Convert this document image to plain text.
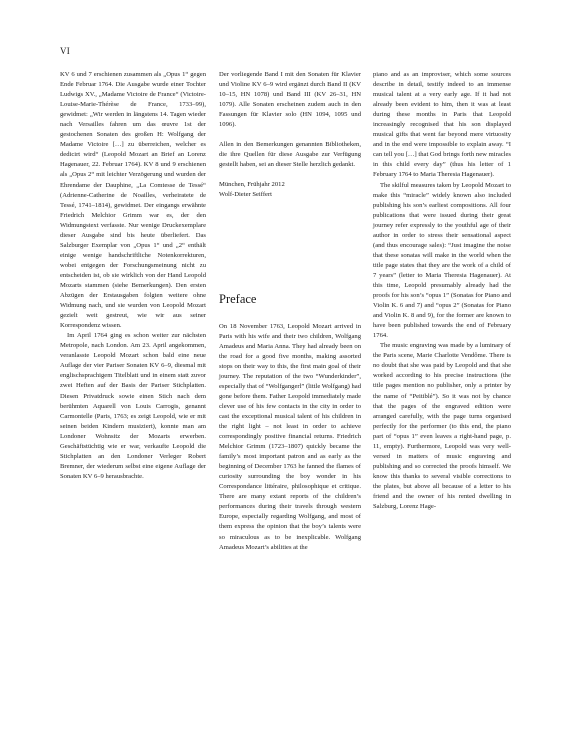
VI

KV 6 und 7 erschienen zusammen als „Opus 1“ gegen Ende Februar 1764. Die Ausgabe wurde einer Tochter Ludwigs XV., „Madame Victoire de France“ (Victoire-Louise-Marie-Thérèse de France, 1733–99), gewidmet: „Wir werden in längstens 14. Tagen wieder nach Versailles fahren um das œuvre 1st der gestochenen Sonaten des großen H: Wolfgang der Madame Victoire […] zu überreichen, welcher es dedicirt wird“ (Leopold Mozart an Brief an Lorenz Hagenauer, 22. Februar 1764). KV 8 und 9 erschienen als „Opus 2“ mit leichter Verzögerung und wurden der Ehrendame der Dauphine, „La Comtesse de Tessé“ (Adrienne-Catherine de Noailles, verheiratete de Tessé, 1741–1814), gewidmet. Der eingangs erwähnte Friedrich Melchior Grimm war es, der den Widmungstext verfasste. Nur wenige Druckexemplare dieser Ausgabe sind bis heute überliefert. Das Salzburger Exemplar von „Opus 1“ und „2“ enthält einige wenige handschriftliche Notenkorrekturen, wobei entgegen der Forschungsmeinung nicht zu entscheiden ist, ob sie wirklich von der Hand Leopold Mozarts stammen (siehe Bemerkungen). Den ersten Abzügen der Erstausgaben folgten weitere ohne Widmung nach, und sie wurden von Leopold Mozart gezielt weit gestreut, wie wir aus seiner Korrespondenz wissen.

Im April 1764 ging es schon weiter zur nächsten Metropole, nach London. Am 23. April angekommen, veranlasste Leopold Mozart schon bald eine neue Auflage der vier Pariser Sonaten KV 6–9, diesmal mit englischsprachigem Titelblatt und in einem statt zuvor zwei Heften auf der Basis der Pariser Stichplatten. Diesen Privatdruck sowie einen Stich nach dem berühmten Aquarell von Louis Carrogis, genannt Carmontelle (Paris, 1763; es zeigt Leopold, wie er mit seinen beiden Kindern musiziert), konnte man am Londoner Wohnsitz der Mozarts erwerben. Geschäftstüchtig wie er war, verkaufte Leopold die Stichplatten an den Londoner Verleger Robert Bremner, der wiederum selbst eine eigene Auflage der Sonaten KV 6–9 herausbrachte.

Der vorliegende Band I mit den Sonaten für Klavier und Violine KV 6–9 wird ergänzt durch Band II (KV 10–15, HN 1078) und Band III (KV 26–31, HN 1079). Alle Sonaten erscheinen zudem auch in den Fassungen für Klavier solo (HN 1094, 1095 und 1096).

Allen in den Bemerkungen genannten Bibliotheken, die ihre Quellen für diese Ausgabe zur Verfügung gestellt haben, sei an dieser Stelle herzlich gedankt.

München, Frühjahr 2012

Wolf-Dieter Seiffert

Preface

On 18 November 1763, Leopold Mozart arrived in Paris with his wife and their two children, Wolfgang Amadeus and Maria Anna. They had already been on the road for a good five months, making assorted stops on their way to this, the first main goal of their journey. The reputation of the two “Wunderkinder”, especially that of “Wolfgangerl” (little Wolfgang) had gone before them. Father Leopold immediately made clever use of his few contacts in the city in order to cast the exceptional musical talent of his children in the right light – not least in order to achieve correspondingly positive financial returns. Friedrich Melchior Grimm (1723–1807) quickly became the family’s most important patron and as early as the beginning of December 1763 he fanned the flames of curiosity surrounding the boy wonder in his Correspondance littéraire, philosophique et critique. There are many extant reports of the children’s performances during their travels through western Europe, especially regarding Wolfgang, and most of them express the opinion that the boy’s talents were so miraculous as to be inexplicable. Wolfgang Amadeus Mozart’s abilities at the

piano and as an improviser, which some sources describe in detail, testify indeed to an immense musical talent at a very early age. If it had not already been evident to him, then it was at least during these months in Paris that Leopold increasingly recognised that his son displayed musical gifts that went far beyond mere virtuosity and in the end were impossible to explain away. “I can tell you […] that God brings forth new miracles in this child every day” (thus his letter of 1 February 1764 to Maria Theresia Hagenauer).

The skilful measures taken by Leopold Mozart to make this “miracle” widely known also included publishing his son’s earliest compositions. All four publications that were issued during their great journey refer expressly to the youthful age of their author in order to stress their sensational aspect (and thus encourage sales): “Just imagine the noise that these sonatas will make in the world when the title page states that they are the work of a child of 7 years” (letter to Maria Theresia Hagenauer). At this time, Leopold presumably already had the proofs for his son’s “opus 1” (Sonatas for Piano and Violin K. 6 and 7) and “opus 2” (Sonatas for Piano and Violin K. 8 and 9), for the former are known to have been published towards the end of February 1764.

The music engraving was made by a luminary of the Paris scene, Marie Charlotte Vendôme. There is no doubt that she was paid by Leopold and that she worked according to his precise instructions (the title pages mention no publisher, only a printer by the name of “Peitiblé”). So it was not by chance that the pages of the engraved edition were arranged carefully, with the page turns organised perfectly for the performer (to this end, the piano part of “opus 1” even leaves a right-hand page, p. 11, empty). Furthermore, Leopold was very well-versed in matters of music engraving and publishing and so corrected the proofs himself. We know this thanks to several visible corrections to the plates, but above all because of a letter to his friend and the owner of his rented dwelling in Salzburg, Lorenz Hage-
